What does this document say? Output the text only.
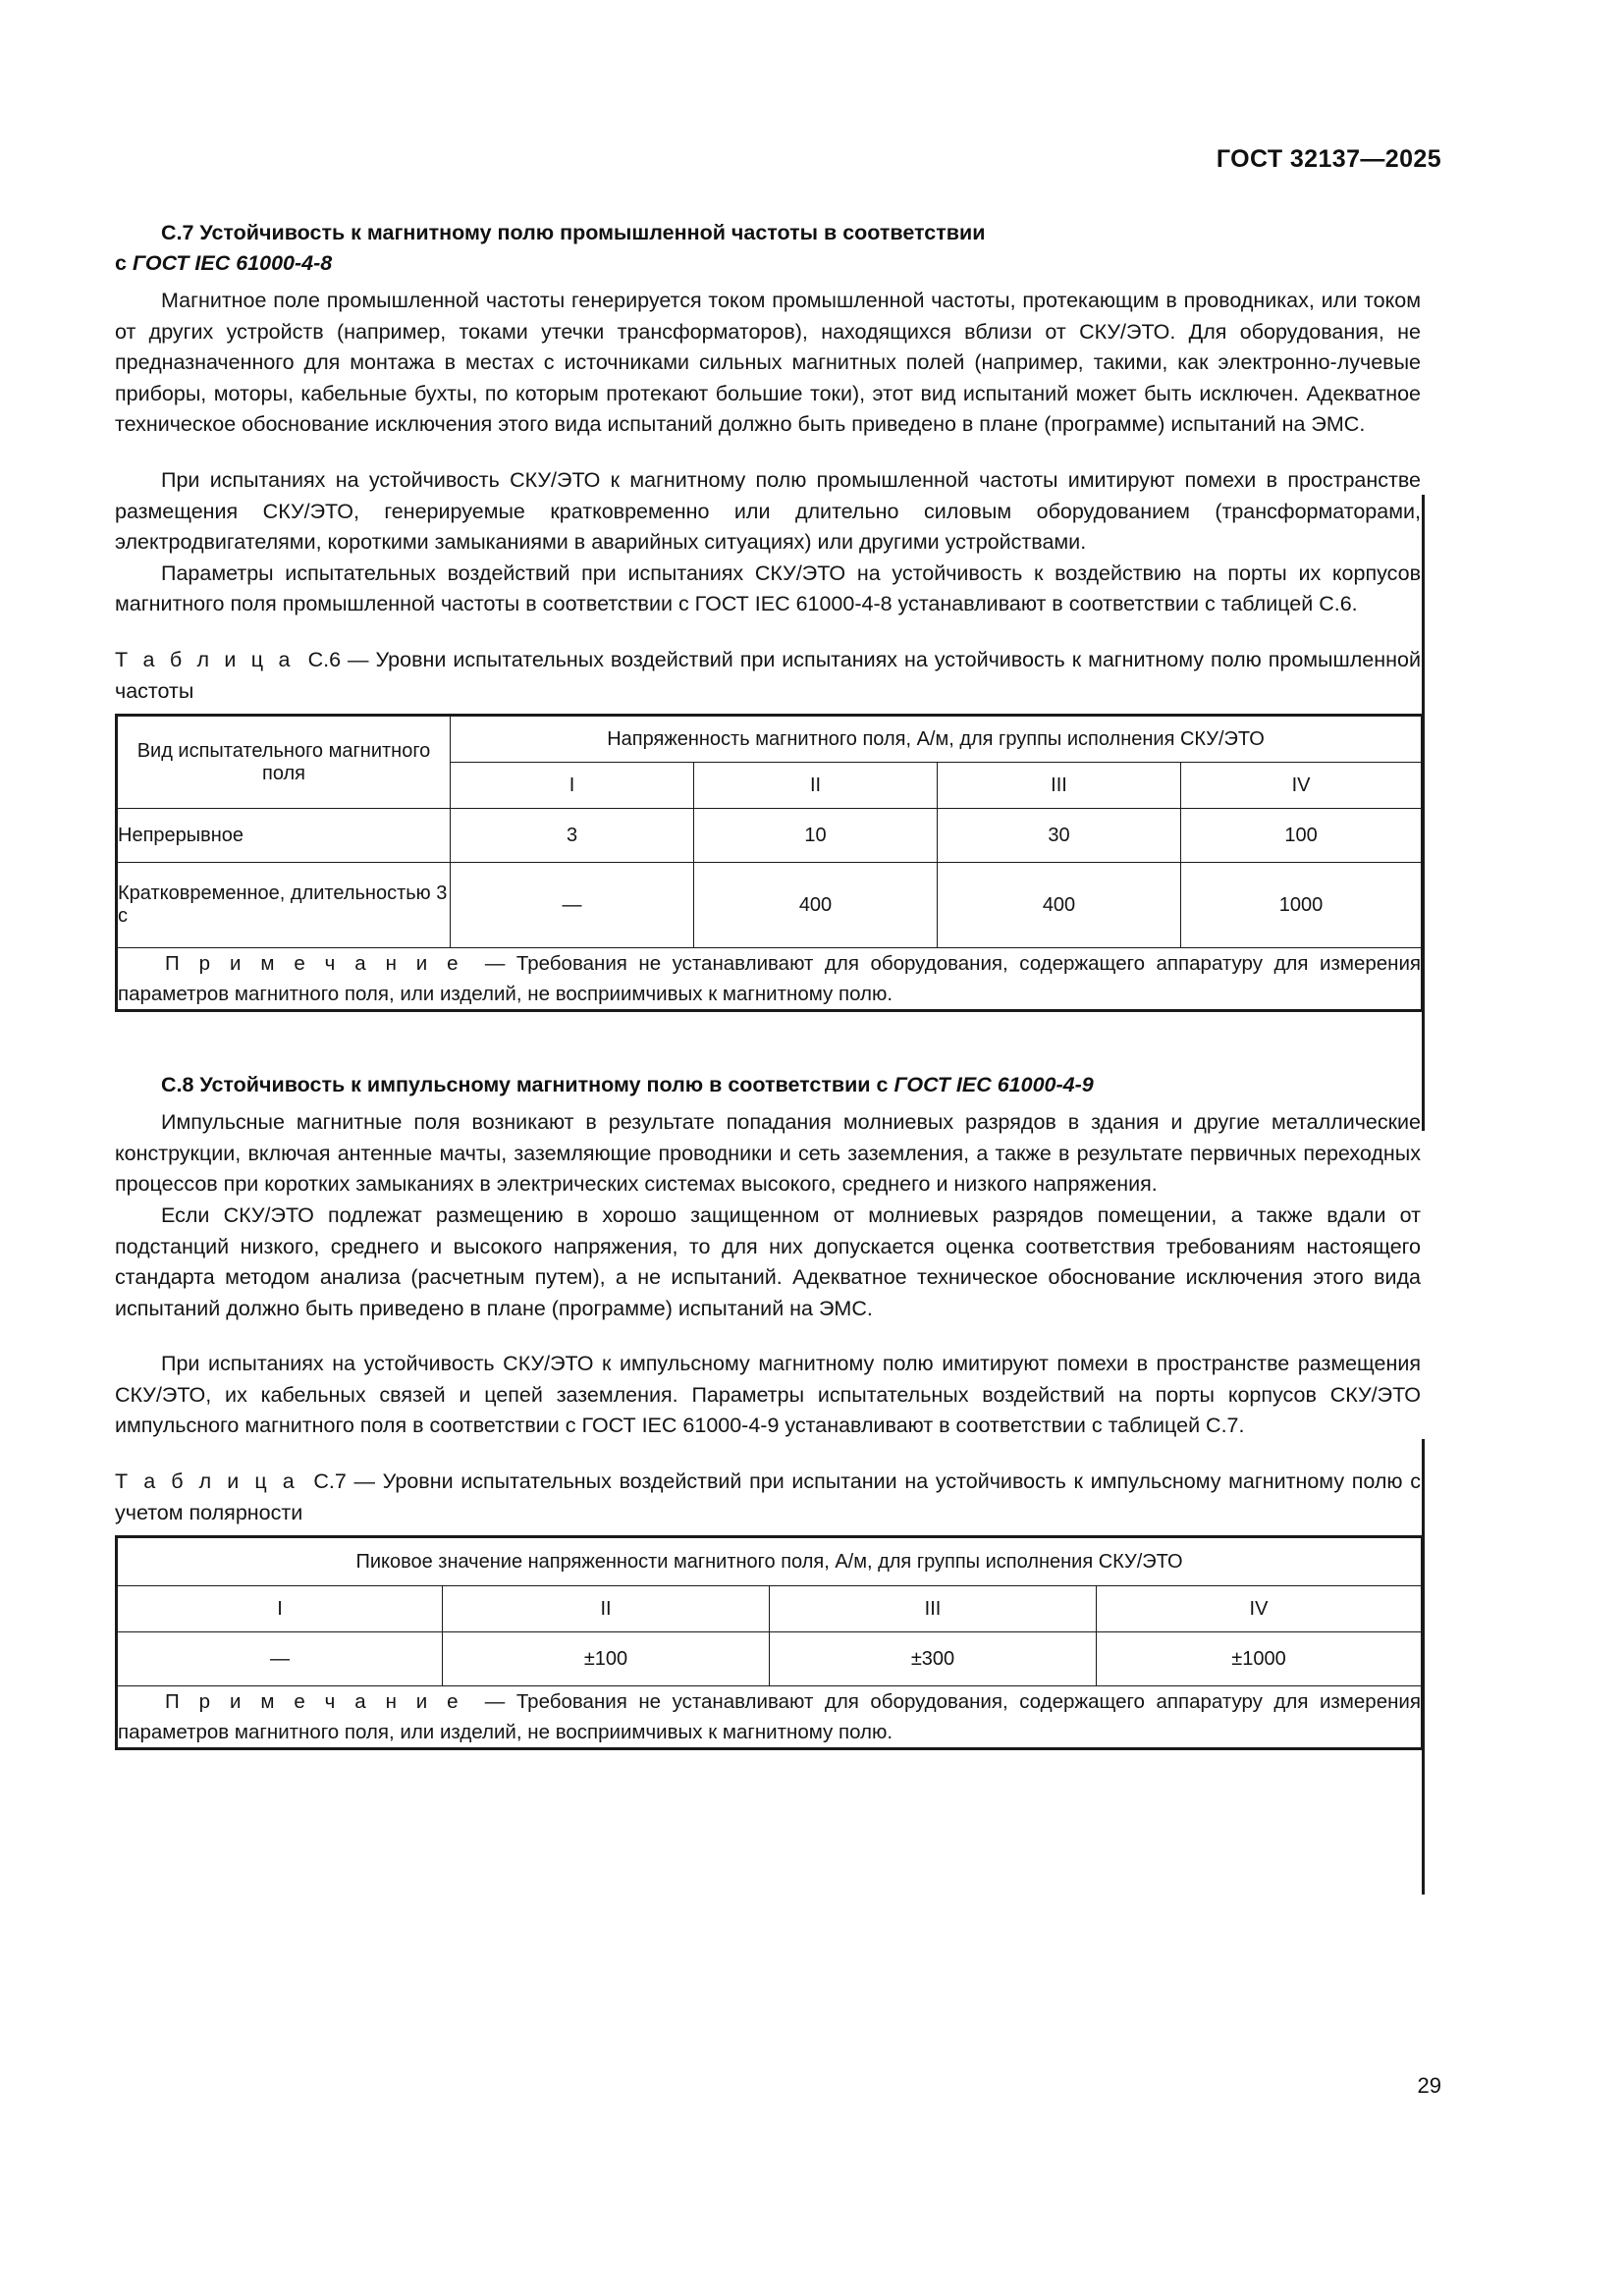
ГОСТ 32137—2025
С.7 Устойчивость к магнитному полю промышленной частоты в соответствии
с ГОСТ IEC 61000-4-8

Магнитное поле промышленной частоты генерируется током промышленной частоты, протекающим в проводниках, или током от других устройств (например, токами утечки трансформаторов), находящихся вблизи от СКУ/ЭТО. Для оборудования, не предназначенного для монтажа в местах с источниками сильных магнитных полей (например, такими, как электронно-лучевые приборы, моторы, кабельные бухты, по которым протекают большие токи), этот вид испытаний может быть исключен. Адекватное техническое обоснование исключения этого вида испытаний должно быть приведено в плане (программе) испытаний на ЭМС.

При испытаниях на устойчивость СКУ/ЭТО к магнитному полю промышленной частоты имитируют помехи в пространстве размещения СКУ/ЭТО, генерируемые кратковременно или длительно силовым оборудованием (трансформаторами, электродвигателями, короткими замыканиями в аварийных ситуациях) или другими устройствами.

Параметры испытательных воздействий при испытаниях СКУ/ЭТО на устойчивость к воздействию на порты их корпусов магнитного поля промышленной частоты в соответствии с ГОСТ IEC 61000-4-8 устанавливают в соответствии с таблицей С.6.

Т а б л и ц а С.6 — Уровни испытательных воздействий при испытаниях на устойчивость к магнитному полю промышленной частоты

Вид испытательного магнитного поля	Напряженность магнитного поля, А/м, для группы исполнения СКУ/ЭТО			
	I	II	III	IV
Непрерывное	3	10	30	100
Кратковременное, длительностью 3 с	—	400	400	1000
П р и м е ч а н и е — Требования не устанавливают для оборудования, содержащего аппаратуру для измерения параметров магнитного поля, или изделий, не восприимчивых к магнитному полю.				
С.8 Устойчивость к импульсному магнитному полю в соответствии с ГОСТ IEC 61000-4-9

Импульсные магнитные поля возникают в результате попадания молниевых разрядов в здания и другие металлические конструкции, включая антенные мачты, заземляющие проводники и сеть заземления, а также в результате первичных переходных процессов при коротких замыканиях в электрических системах высокого, среднего и низкого напряжения.

Если СКУ/ЭТО подлежат размещению в хорошо защищенном от молниевых разрядов помещении, а также вдали от подстанций низкого, среднего и высокого напряжения, то для них допускается оценка соответствия требованиям настоящего стандарта методом анализа (расчетным путем), а не испытаний. Адекватное техническое обоснование исключения этого вида испытаний должно быть приведено в плане (программе) испытаний на ЭМС.

При испытаниях на устойчивость СКУ/ЭТО к импульсному магнитному полю имитируют помехи в пространстве размещения СКУ/ЭТО, их кабельных связей и цепей заземления. Параметры испытательных воздействий на порты корпусов СКУ/ЭТО импульсного магнитного поля в соответствии с ГОСТ IEC 61000-4-9 устанавливают в соответствии с таблицей С.7.

Т а б л и ц а С.7 — Уровни испытательных воздействий при испытании на устойчивость к импульсному магнитному полю с учетом полярности

Пиковое значение напряженности магнитного поля, А/м, для группы исполнения СКУ/ЭТО			
I	II	III	IV
—	±100	±300	±1000
П р и м е ч а н и е — Требования не устанавливают для оборудования, содержащего аппаратуру для измерения параметров магнитного поля, или изделий, не восприимчивых к магнитному полю.			
29
